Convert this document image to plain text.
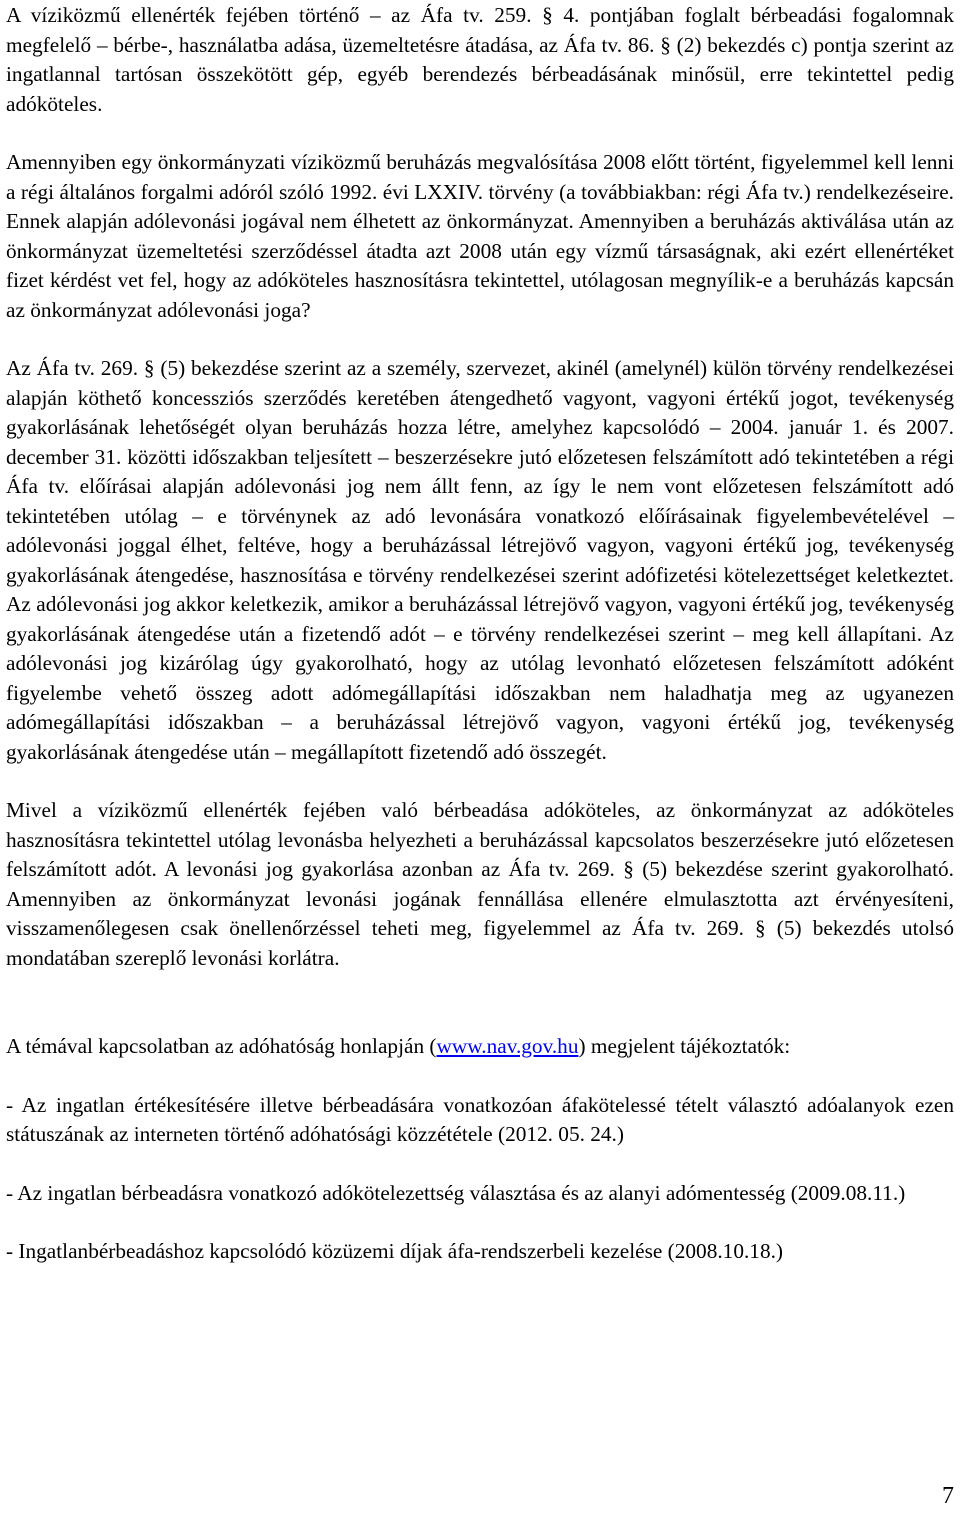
A víziközmű ellenérték fejében történő – az Áfa tv. 259. § 4. pontjában foglalt bérbeadási fogalomnak megfelelő – bérbe-, használatba adása, üzemeltetésre átadása, az Áfa tv. 86. § (2) bekezdés c) pontja szerint az ingatlannal tartósan összekötött gép, egyéb berendezés bérbeadásának minősül, erre tekintettel pedig adóköteles.

Amennyiben egy önkormányzati víziközmű beruházás megvalósítása 2008 előtt történt, figyelemmel kell lenni a régi általános forgalmi adóról szóló 1992. évi LXXIV. törvény (a továbbiakban: régi Áfa tv.) rendelkezéseire. Ennek alapján adólevonási jogával nem élhetett az önkormányzat. Amennyiben a beruházás aktiválása után az önkormányzat üzemeltetési szerződéssel átadta azt 2008 után egy vízmű társaságnak, aki ezért ellenértéket fizet kérdést vet fel, hogy az adóköteles hasznosításra tekintettel, utólagosan megnyílik-e a beruházás kapcsán az önkormányzat adólevonási joga?

Az Áfa tv. 269. § (5) bekezdése szerint az a személy, szervezet, akinél (amelynél) külön törvény rendelkezései alapján köthető koncessziós szerződés keretében átengedhető vagyont, vagyoni értékű jogot, tevékenység gyakorlásának lehetőségét olyan beruházás hozza létre, amelyhez kapcsolódó – 2004. január 1. és 2007. december 31. közötti időszakban teljesített – beszerzésekre jutó előzetesen felszámított adó tekintetében a régi Áfa tv. előírásai alapján adólevonási jog nem állt fenn, az így le nem vont előzetesen felszámított adó tekintetében utólag – e törvénynek az adó levonására vonatkozó előírásainak figyelembevételével – adólevonási joggal élhet, feltéve, hogy a beruházással létrejövő vagyon, vagyoni értékű jog, tevékenység gyakorlásának átengedése, hasznosítása e törvény rendelkezései szerint adófizetési kötelezettséget keletkeztet. Az adólevonási jog akkor keletkezik, amikor a beruházással létrejövő vagyon, vagyoni értékű jog, tevékenység gyakorlásának átengedése után a fizetendő adót – e törvény rendelkezései szerint – meg kell állapítani. Az adólevonási jog kizárólag úgy gyakorolható, hogy az utólag levonható előzetesen felszámított adóként figyelembe vehető összeg adott adómegállapítási időszakban nem haladhatja meg az ugyanezen adómegállapítási időszakban – a beruházással létrejövő vagyon, vagyoni értékű jog, tevékenység gyakorlásának átengedése után – megállapított fizetendő adó összegét.

Mivel a víziközmű ellenérték fejében való bérbeadása adóköteles, az önkormányzat az adóköteles hasznosításra tekintettel utólag levonásba helyezheti a beruházással kapcsolatos beszerzésekre jutó előzetesen felszámított adót. A levonási jog gyakorlása azonban az Áfa tv. 269. § (5) bekezdése szerint gyakorolható. Amennyiben az önkormányzat levonási jogának fennállása ellenére elmulasztotta azt érvényesíteni, visszamenőlegesen csak önellenőrzéssel teheti meg, figyelemmel az Áfa tv. 269. § (5) bekezdés utolsó mondatában szereplő levonási korlátra.

A témával kapcsolatban az adóhatóság honlapján (www.nav.gov.hu) megjelent tájékoztatók:

- Az ingatlan értékesítésére illetve bérbeadására vonatkozóan áfakötelessé tételt választó adóalanyok ezen státuszának az interneten történő adóhatósági közzététele (2012. 05. 24.)

- Az ingatlan bérbeadásra vonatkozó adókötelezettség választása és az alanyi adómentesség (2009.08.11.)

- Ingatlanbérbeadáshoz kapcsolódó közüzemi díjak áfa-rendszerbeli kezelése (2008.10.18.)

7
